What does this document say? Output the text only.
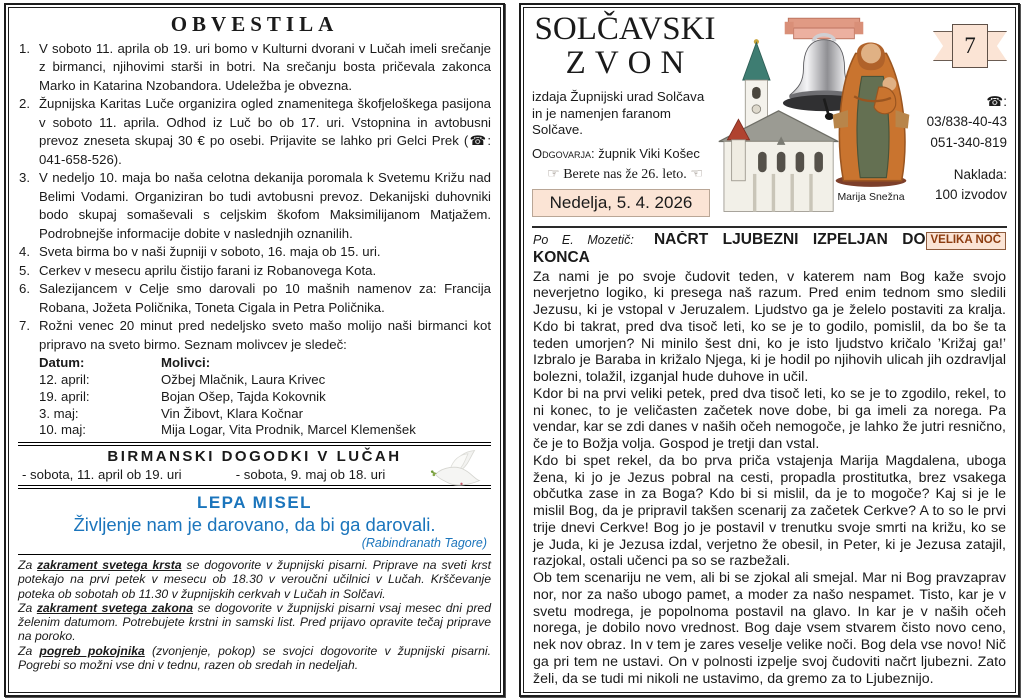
OBVESTILA
1. V soboto 11. aprila ob 19. uri bomo v Kulturni dvorani v Lučah imeli srečanje z birmanci, njihovimi starši in botri. Na srečanju bosta pričevala zakonca Marko in Katarina Nzobandora. Udeležba je obvezna.
2. Župnijska Karitas Luče organizira ogled znamenitega škofjeloškega pasijona v soboto 11. aprila. Odhod iz Luč bo ob 17. uri. Vstopnina in avtobusni prevoz zneseta skupaj 30 € po osebi. Prijavite se lahko pri Gelci Prek (☎: 041-658-526).
3. V nedeljo 10. maja bo naša celotna dekanija poromala k Svetemu Križu nad Belimi Vodami. Organiziran bo tudi avtobusni prevoz. Dekanijski duhovniki bodo skupaj somaševali s celjskim škofom Maksimilijanom Matjažem. Podrobnejše informacije dobite v naslednjih oznanilih.
4. Sveta birma bo v naši župniji v soboto, 16. maja ob 15. uri.
5. Cerkev v mesecu aprilu čistijo farani iz Robanovega Kota.
6. Salezijancem v Celje smo darovali po 10 mašnih namenov za: Francija Robana, Jožeta Poličnika, Toneta Cigala in Petra Poličnika.
7. Rožni venec 20 minut pred nedeljsko sveto mašo molijo naši birmanci kot pripravo na sveto birmo. Seznam molivcev je sledeč:
Datum:	Molivci:
12. april:	Ožbej Mlačnik, Laura Krivec
19. april:	Bojan Ošep, Tajda Kokovnik
3. maj:	Vin Žibovt, Klara Kočnar
10. maj:	Mija Logar, Vita Prodnik, Marcel Klemenšek
BIRMANSKI DOGODKI V LUČAH
- sobota, 11. april ob 19. uri	- sobota, 9. maj ob 18. uri
LEPA MISEL
Življenje nam je darovano, da bi ga darovali.
(Rabindranath Tagore)

Za zakrament svetega krsta se dogovorite v župnijski pisarni. Priprave na sveti krst potekajo na prvi petek v mesecu ob 18.30 v veroučni učilnici v Lučah. Krščevanje poteka ob sobotah ob 11.30 v župnijskih cerkvah v Lučah in Solčavi.

Za zakrament svetega zakona se dogovorite v župnijski pisarni vsaj mesec dni pred želenim datumom. Potrebujete krstni in samski list. Pred prijavo opravite tečaj priprave na poroko.

Za pogreb pokojnika (zvonjenje, pokop) se svojci dogovorite v župnijski pisarni. Pogrebi so možni vse dni v tednu, razen ob sredah in nedeljah.

SOLČAVSKI
ZVON
izdaja Župnijski urad Solčava in je namenjen faranom Solčave.
Odgovarja: župnik Viki Košec
☞ Berete nas že 26. leto. ☜
Nedelja, 5. 4. 2026	Marija Snežna
7
☎:
03/838-40-43
051-340-819
Naklada:
100 izvodov
VELIKA NOČ
Po E. Mozetič: NAČRT LJUBEZNI IZPELJAN DO KONCA

Za nami je po svoje čudovit teden, v katerem nam Bog kaže svojo neverjetno logiko, ki presega naš razum. Pred enim tednom smo sledili Jezusu, ki je vstopal v Jeruzalem. Ljudstvo ga je želelo postaviti za kralja. Kdo bi takrat, pred dva tisoč leti, ko se je to godilo, pomislil, da bo še ta teden umorjen? Ni minilo šest dni, ko je isto ljudstvo kričalo ’Križaj ga!’ Izbralo je Baraba in križalo Njega, ki je hodil po njihovih ulicah jih ozdravljal bolezni, tolažil, izganjal hude duhove in učil.

Kdor bi na prvi veliki petek, pred dva tisoč leti, ko se je to zgodilo, rekel, to ni konec, to je veličasten začetek nove dobe, bi ga imeli za norega. Pa vendar, kar se zdi danes v naših očeh nemogoče, je lahko že jutri resnično, če je to Božja volja. Gospod je tretji dan vstal.

Kdo bi spet rekel, da bo prva priča vstajenja Marija Magdalena, uboga žena, ki jo je Jezus pobral na cesti, propadla prostitutka, brez vsakega občutka zase in za Boga? Kdo bi si mislil, da je to mogoče? Kaj si je le mislil Bog, da je pripravil takšen scenarij za začetek Cerkve? A to so le prvi trije dnevi Cerkve! Bog jo je postavil v trenutku svoje smrti na križu, ko se je Juda, ki je Jezusa izdal, verjetno že obesil, in Peter, ki je Jezusa zatajil, razjokal, ostali učenci pa so se razbežali.

Ob tem scenariju ne vem, ali bi se zjokal ali smejal. Mar ni Bog pravzaprav nor, nor za našo ubogo pamet, a moder za našo nespamet. Tisto, kar je v svetu modrega, je popolnoma postavil na glavo. In kar je v naših očeh norega, je dobilo novo vrednost. Bog daje vsem stvarem čisto novo ceno, nek nov obraz. In v tem je zares veselje velike noči. Bog dela vse novo! Nič ga pri tem ne ustavi. On v polnosti izpelje svoj čudoviti načrt ljubezni. Zato želi, da se tudi mi nikoli ne ustavimo, da gremo za to Ljubeznijo.
